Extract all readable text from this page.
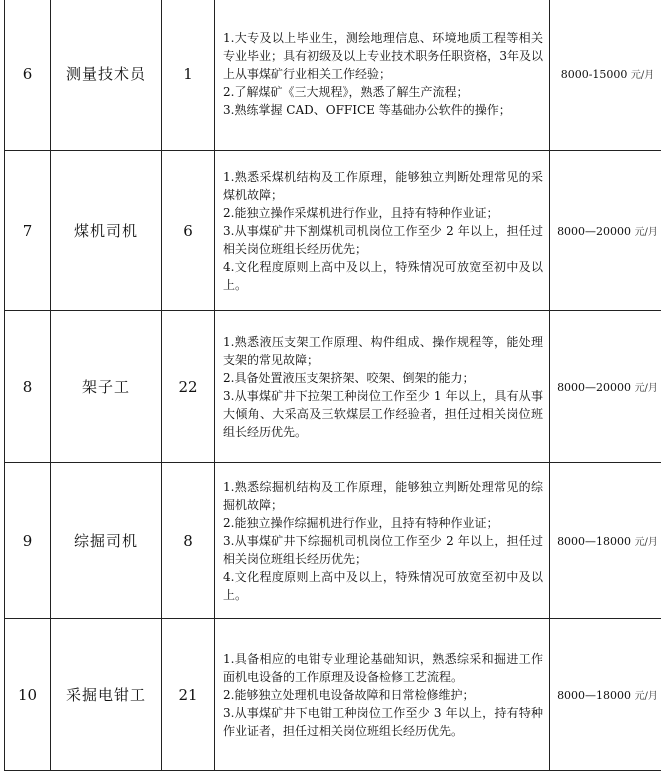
6	测量技术员	1	1.大专及以上毕业生，测绘地理信息、环境地质工程等相关专业毕业；具有初级及以上专业技术职务任职资格，3年及以上从事煤矿行业相关工作经验；
2.了解煤矿《三大规程》，熟悉了解生产流程；
3.熟练掌握 CAD、OFFICE 等基础办公软件的操作；	8000-15000 元/月
7	煤机司机	6	1.熟悉采煤机结构及工作原理，能够独立判断处理常见的采煤机故障；
2.能独立操作采煤机进行作业，且持有特种作业证；
3.从事煤矿井下割煤机司机岗位工作至少 2 年以上，担任过相关岗位班组长经历优先；
4.文化程度原则上高中及以上，特殊情况可放宽至初中及以上。	8000—20000 元/月
8	架子工	22	1.熟悉液压支架工作原理、构件组成、操作规程等，能处理支架的常见故障；
2.具备处置液压支架挤架、咬架、倒架的能力；
3.从事煤矿井下拉架工种岗位工作至少 1 年以上，具有从事大倾角、大采高及三软煤层工作经验者，担任过相关岗位班组长经历优先。	8000—20000 元/月
9	综掘司机	8	1.熟悉综掘机结构及工作原理，能够独立判断处理常见的综掘机故障；
2.能独立操作综掘机进行作业，且持有特种作业证；
3.从事煤矿井下综掘机司机岗位工作至少 2 年以上，担任过相关岗位班组长经历优先；
4.文化程度原则上高中及以上，特殊情况可放宽至初中及以上。	8000—18000 元/月
10	采掘电钳工	21	1.具备相应的电钳专业理论基础知识，熟悉综采和掘进工作面机电设备的工作原理及设备检修工艺流程。
2.能够独立处理机电设备故障和日常检修维护；
3.从事煤矿井下电钳工种岗位工作至少 3 年以上，持有特种作业证者，担任过相关岗位班组长经历优先。	8000—18000 元/月
